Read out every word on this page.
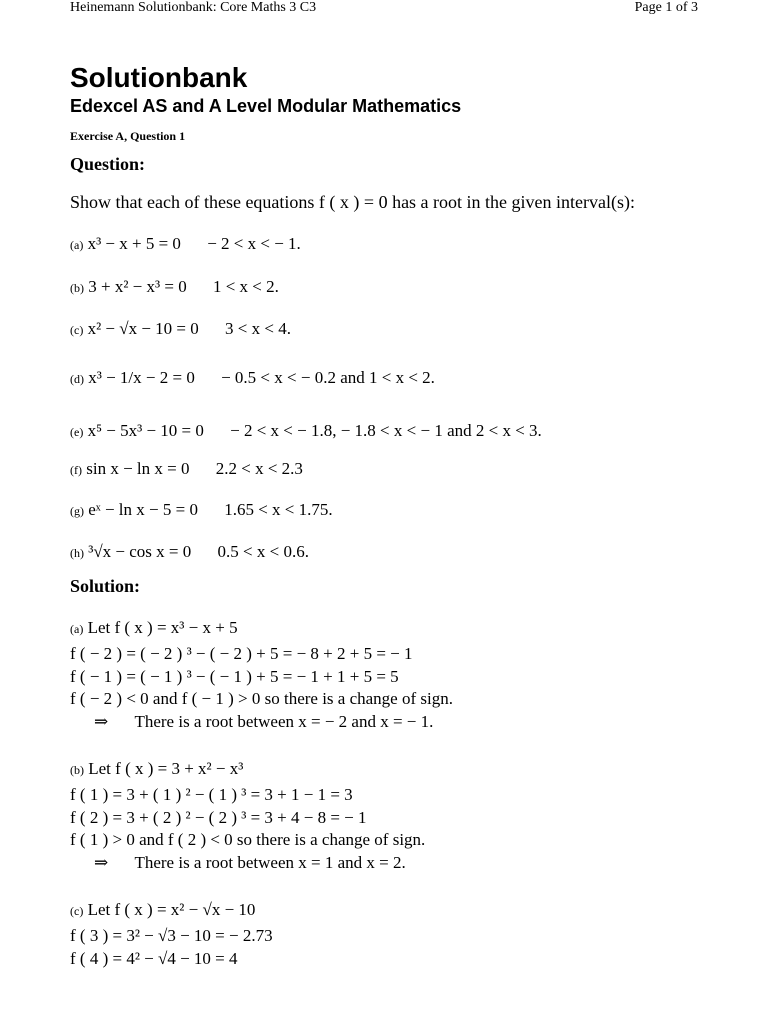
Heinemann Solutionbank: Core Maths 3 C3	Page 1 of 3
Solutionbank
Edexcel AS and A Level Modular Mathematics
Exercise A, Question 1
Question:
Show that each of these equations f ( x ) = 0 has a root in the given interval(s):
(a) x³ − x + 5 = 0 − 2 < x < − 1.
(b) 3 + x² − x³ = 0 1 < x < 2.
(c) x² − √x − 10 = 0 3 < x < 4.
(d) x³ − 1/x − 2 = 0 − 0.5 < x < − 0.2 and 1 < x < 2.
(e) x⁵ − 5x³ − 10 = 0 − 2 < x < − 1.8, − 1.8 < x < − 1 and 2 < x < 3.
(f) sin x − ln x = 0 2.2 < x < 2.3
(g) eˣ − ln x − 5 = 0 1.65 < x < 1.75.
(h) ³√x − cos x = 0 0.5 < x < 0.6.
Solution:
(a) Let f ( x ) = x³ − x + 5
f ( − 2 ) = ( − 2 ) ³ − ( − 2 ) + 5 = − 8 + 2 + 5 = − 1
f ( − 1 ) = ( − 1 ) ³ − ( − 1 ) + 5 = − 1 + 1 + 5 = 5
f ( − 2 ) < 0 and f ( − 1 ) > 0 so there is a change of sign.
⇒ There is a root between x = − 2 and x = − 1.
(b) Let f ( x ) = 3 + x² − x³
f ( 1 ) = 3 + ( 1 ) ² − ( 1 ) ³ = 3 + 1 − 1 = 3
f ( 2 ) = 3 + ( 2 ) ² − ( 2 ) ³ = 3 + 4 − 8 = − 1
f ( 1 ) > 0 and f ( 2 ) < 0 so there is a change of sign.
⇒ There is a root between x = 1 and x = 2.
(c) Let f ( x ) = x² − √x − 10
f ( 3 ) = 3² − √3 − 10 = − 2.73
f ( 4 ) = 4² − √4 − 10 = 4
